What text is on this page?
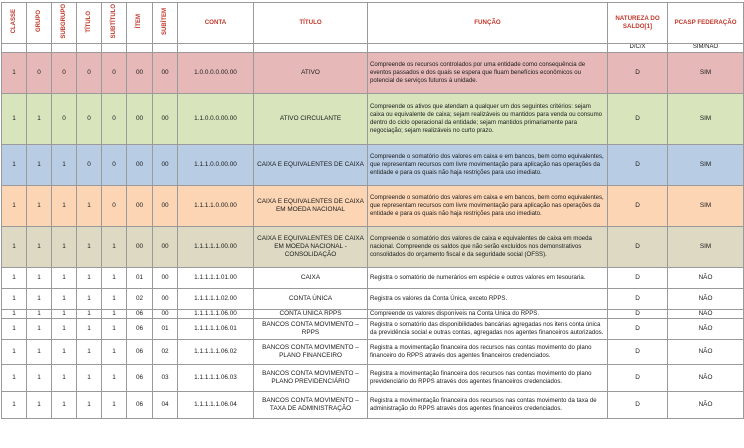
CLASSE	GRUPO	SUBGRUPO	TÍTULO	SUBTÍTULO	ÍTEM	SUBÍTEM	CONTA	TÍTULO	FUNÇÃO	NATUREZA DO SALDO[1]	PCASP FEDERAÇÃO
										D/C/X	SIM/NÃO
1	0	0	0	0	00	00	1.0.0.0.0.00.00	ATIVO	Compreende os recursos controlados por uma entidade como consequência de eventos passados e dos quais se espera que fluam benefícios econômicos ou potencial de serviços futuros à unidade.	D	SIM
1	1	0	0	0	00	00	1.1.0.0.0.00.00	ATIVO CIRCULANTE	Compreende os ativos que atendam a qualquer um dos seguintes critérios: sejam caixa ou equivalente de caixa; sejam realizáveis ou mantidos para venda ou consumo dentro do ciclo operacional da entidade; sejam mantidos primariamente para negociação; sejam realizáveis no curto prazo.	D	SIM
1	1	1	0	0	00	00	1.1.1.0.0.00.00	CAIXA E EQUIVALENTES DE CAIXA	Compreende o somatório dos valores em caixa e em bancos, bem como equivalentes, que representam recursos com livre movimentação para aplicação nas operações da entidade e para os quais não haja restrições para uso imediato.	D	SIM
1	1	1	1	0	00	00	1.1.1.1.0.00.00	CAIXA E EQUIVALENTES DE CAIXA EM MOEDA NACIONAL	Compreende o somatório dos valores em caixa e em bancos, bem como equivalentes, que representam recursos com livre movimentação para aplicação nas operações da entidade e para os quais não haja restrições para uso imediato.	D	SIM
1	1	1	1	1	00	00	1.1.1.1.1.00.00	CAIXA E EQUIVALENTES DE CAIXA EM MOEDA NACIONAL - CONSOLIDAÇÃO	Compreende o somatório dos valores de caixa e equivalentes de caixa em moeda nacional. Compreende os saldos que não serão excluídos nos demonstrativos consolidados do orçamento fiscal e da seguridade social (OFSS).	D	SIM
1	1	1	1	1	01	00	1.1.1.1.1.01.00	CAIXA	Registra o somatório de numerários em espécie e outros valores em tesouraria.	D	NÃO
1	1	1	1	1	02	00	1.1.1.1.1.02.00	CONTA ÚNICA	Registra os valores da Conta Única, exceto RPPS.	D	NÃO
1	1	1	1	1	06	00	1.1.1.1.1.06.00	CONTA ÚNICA RPPS	Compreende os valores disponíveis na Conta Única do RPPS.	D	NÃO
1	1	1	1	1	06	01	1.1.1.1.1.06.01	BANCOS CONTA MOVIMENTO – RPPS	Registra o somatório das disponibilidades bancárias agregadas nos itens conta única da previdência social e outras contas, agregadas nos agentes financeiros autorizados.	D	NÃO
1	1	1	1	1	06	02	1.1.1.1.1.06.02	BANCOS CONTA MOVIMENTO – PLANO FINANCEIRO	Registra a movimentação financeira dos recursos nas contas movimento do plano financeiro do RPPS através dos agentes financeiros credenciados.	D	NÃO
1	1	1	1	1	06	03	1.1.1.1.1.06.03	BANCOS CONTA MOVIMENTO – PLANO PREVIDENCIÁRIO	Registra a movimentação financeira dos recursos nas contas movimento do plano previdenciário do RPPS através dos agentes financeiros credenciados.	D	NÃO
1	1	1	1	1	06	04	1.1.1.1.1.06.04	BANCOS CONTA MOVIMENTO – TAXA DE ADMINISTRAÇÃO	Registra a movimentação financeira dos recursos nas contas movimento da taxa de administração do RPPS através dos agentes financeiros credenciados.	D	NÃO
